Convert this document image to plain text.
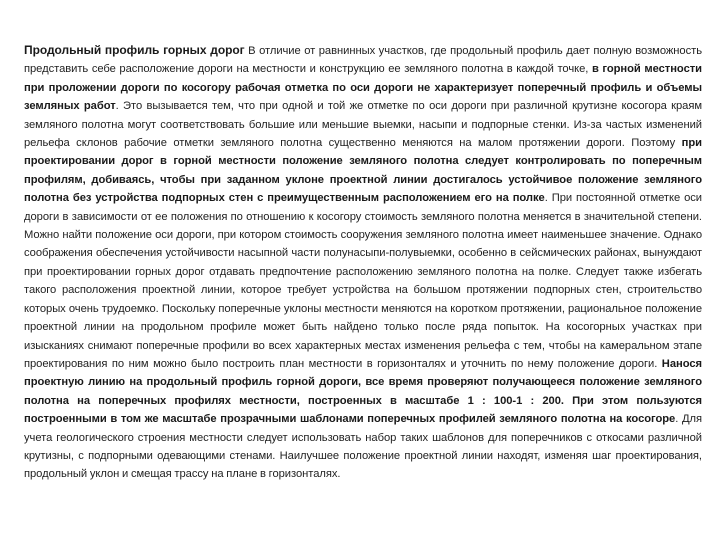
Продольный профиль горных дорог В отличие от равнинных участков, где продольный профиль дает полную возможность представить себе расположение дороги на местности и конструкцию ее земляного полотна в каждой точке, в горной местности при проложении дороги по косогору рабочая отметка по оси дороги не характеризует поперечный профиль и объемы земляных работ. Это вызывается тем, что при одной и той же отметке по оси дороги при различной крутизне косогора краям земляного полотна могут соответствовать большие или меньшие выемки, насыпи и подпорные стенки. Из-за частых изменений рельефа склонов рабочие отметки земляного полотна существенно меняются на малом протяжении дороги. Поэтому при проектировании дорог в горной местности положение земляного полотна следует контролировать по поперечным профилям, добиваясь, чтобы при заданном уклоне проектной линии достигалось устойчивое положение земляного полотна без устройства подпорных стен с преимущественным расположением его на полке. При постоянной отметке оси дороги в зависимости от ее положения по отношению к косогору стоимость земляного полотна меняется в значительной степени. Можно найти положение оси дороги, при котором стоимость сооружения земляного полотна имеет наименьшее значение. Однако соображения обеспечения устойчивости насыпной части полунасыпи-полувыемки, особенно в сейсмических районах, вынуждают при проектировании горных дорог отдавать предпочтение расположению земляного полотна на полке. Следует также избегать такого расположения проектной линии, которое требует устройства на большом протяжении подпорных стен, строительство которых очень трудоемко. Поскольку поперечные уклоны местности меняются на коротком протяжении, рациональное положение проектной линии на продольном профиле может быть найдено только после ряда попыток. На косогорных участках при изысканиях снимают поперечные профили во всех характерных местах изменения рельефа с тем, чтобы на камеральном этапе проектирования по ним можно было построить план местности в горизонталях и уточнить по нему положение дороги. Нанося проектную линию на продольный профиль горной дороги, все время проверяют получающееся положение земляного полотна на поперечных профилях местности, построенных в масштабе 1 : 100-1 : 200. При этом пользуются построенными в том же масштабе прозрачными шаблонами поперечных профилей земляного полотна на косогоре. Для учета геологического строения местности следует использовать набор таких шаблонов для поперечников с откосами различной крутизны, с подпорными одевающими стенами. Наилучшее положение проектной линии находят, изменяя шаг проектирования, продольный уклон и смещая трассу на плане в горизонталях.
